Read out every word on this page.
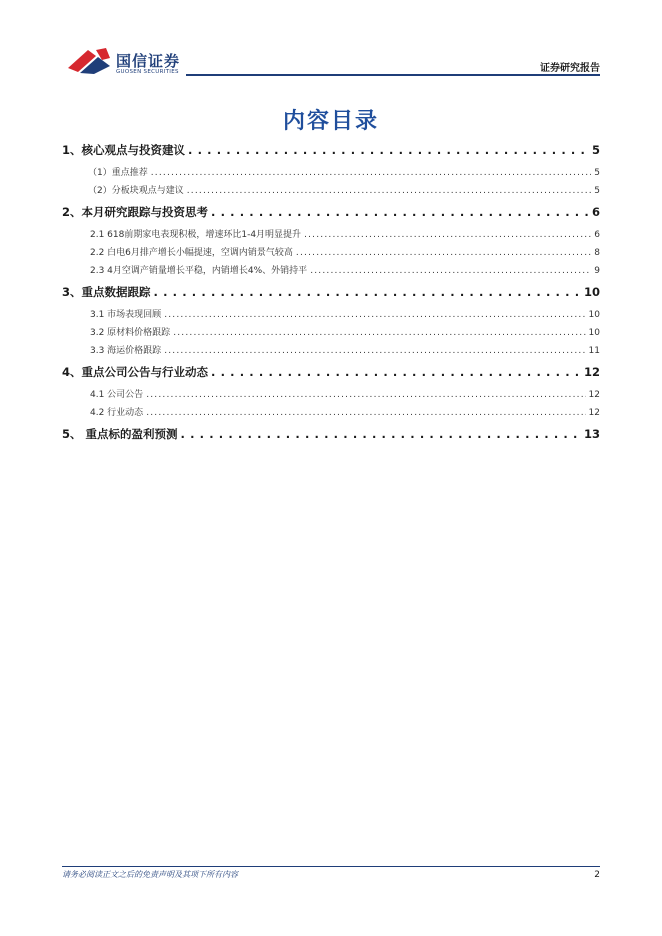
国信证券
GUOSEN SECURITIES	证券研究报告
内容目录
1、核心观点与投资建议 . . .	5
（1）重点推荐 .....	5
（2）分板块观点与建议 .....	5
2、本月研究跟踪与投资思考 . . .	6
2.1 618前期家电表现积极，增速环比1-4月明显提升 .....	6
2.2 白电6月排产增长小幅提速，空调内销景气较高 .....	8
2.3 4月空调产销量增长平稳，内销增长4%、外销持平 .....	9
3、重点数据跟踪 . . .	10
3.1 市场表现回顾 .....	10
3.2 原材料价格跟踪 .....	10
3.3 海运价格跟踪 .....	11
4、重点公司公告与行业动态 . . .	12
4.1 公司公告 .....	12
4.2 行业动态 .....	12
5、 重点标的盈利预测 . . .	13
请务必阅读正文之后的免责声明及其项下所有内容	2
